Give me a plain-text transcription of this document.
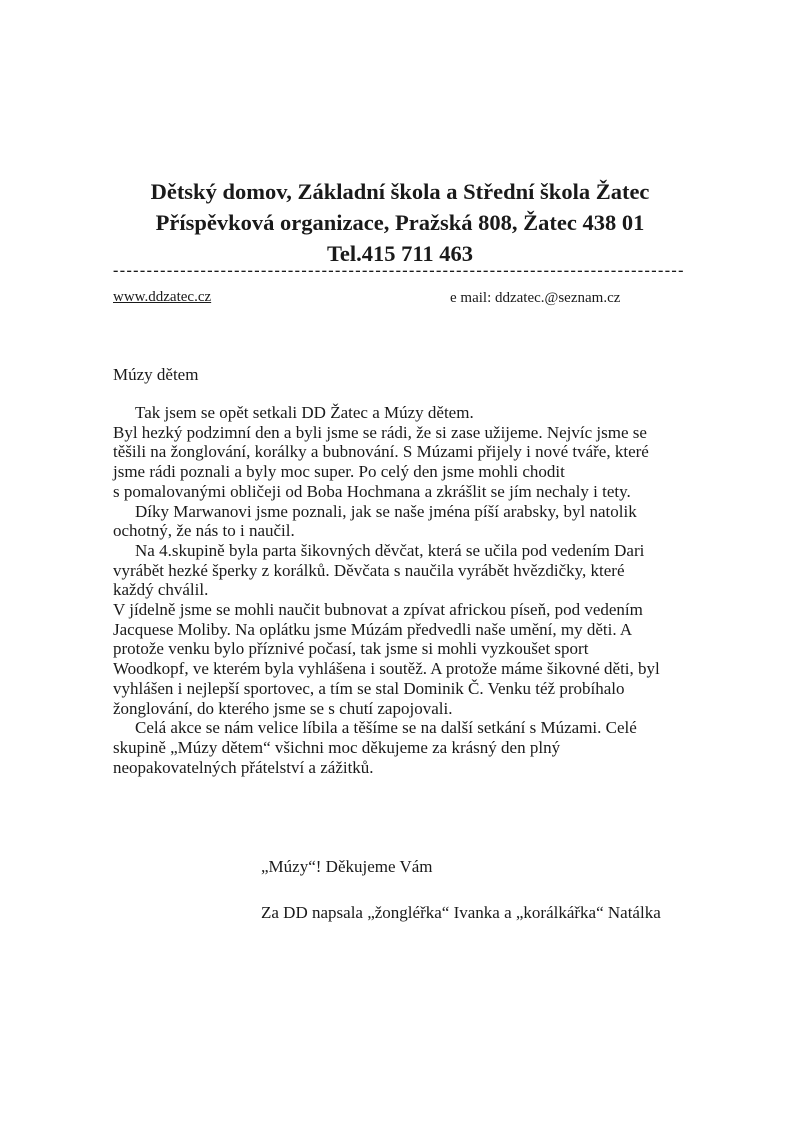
Dětský domov, Základní škola a Střední škola Žatec
Příspěvková organizace, Pražská 808, Žatec 438 01
Tel.415 711 463
-------------------------------------------------------------------------------------
www.ddzatec.cz	e mail: ddzatec.@seznam.cz
Múzy dětem
Tak jsem se opět setkali DD Žatec a Múzy dětem.
Byl hezký podzimní den a byli jsme se rádi, že si zase užijeme. Nejvíc jsme se
těšili na žonglování, korálky a bubnování. S Múzami přijely i nové tváře, které
jsme rádi poznali a byly moc super. Po celý den jsme mohli chodit
s pomalovanými obličeji od Boba Hochmana a zkrášlit se jím nechaly i tety.
Díky Marwanovi jsme poznali, jak se naše jména píší arabsky, byl natolik
ochotný, že nás to i naučil.
Na 4.skupině byla parta šikovných děvčat, která se učila pod vedením Dari
vyrábět hezké šperky z korálků. Děvčata s naučila vyrábět hvězdičky, které
každý chválil.
V jídelně jsme se mohli naučit bubnovat a zpívat africkou píseň, pod vedením
Jacquese Moliby. Na oplátku jsme Múzám předvedli naše umění, my děti. A
protože venku bylo příznivé počasí, tak jsme si mohli vyzkoušet sport
Woodkopf, ve kterém byla vyhlášena i soutěž. A protože máme šikovné děti, byl
vyhlášen i nejlepší sportovec, a tím se stal Dominik Č. Venku též probíhalo
žonglování, do kterého jsme se s chutí zapojovali.
Celá akce se nám velice líbila a těšíme se na další setkání s Múzami. Celé
skupině „Múzy dětem“ všichni moc děkujeme za krásný den plný
neopakovatelných přátelství a zážitků.
„Múzy“! Děkujeme Vám
Za DD napsala „žongléřka“ Ivanka a „korálkářka“ Natálka
